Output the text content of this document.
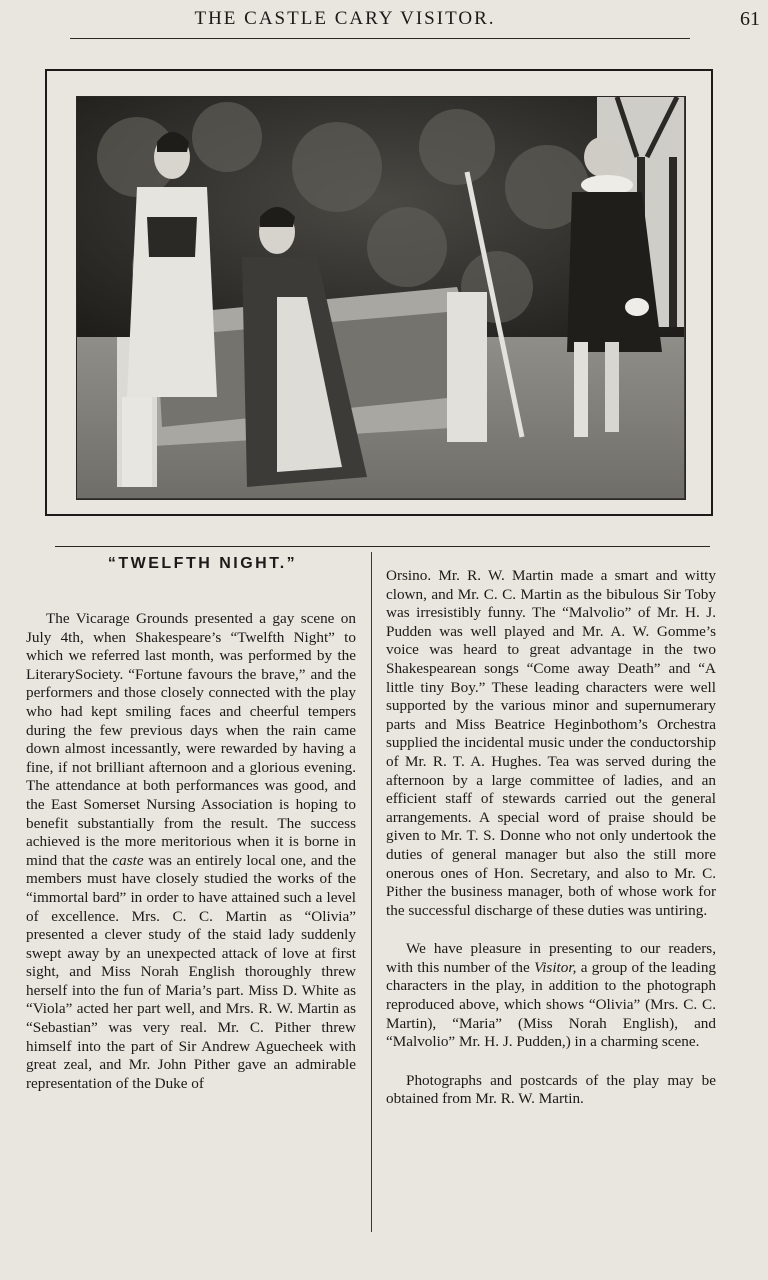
THE CASTLE CARY VISITOR.	61
“TWELFTH NIGHT.”

The Vicarage Grounds presented a gay scene on July 4th, when Shakespeare’s “Twelfth Night” to which we referred last month, was performed by the LiterarySociety. “Fortune favours the brave,” and the performers and those closely connected with the play who had kept smiling faces and cheerful tempers during the few previous days when the rain came down almost incessantly, were rewarded by having a fine, if not brilliant afternoon and a glorious evening. The attendance at both performances was good, and the East Somerset Nursing Association is hoping to benefit substantially from the result. The success achieved is the more meritorious when it is borne in mind that the caste was an entirely local one, and the members must have closely studied the works of the “immortal bard” in order to have attained such a level of excellence. Mrs. C. C. Martin as “Olivia” presented a clever study of the staid lady suddenly swept away by an unexpected attack of love at first sight, and Miss Norah English thoroughly threw herself into the fun of Maria’s part. Miss D. White as “Viola” acted her part well, and Mrs. R. W. Martin as “Sebastian” was very real. Mr. C. Pither threw himself into the part of Sir Andrew Aguecheek with great zeal, and Mr. John Pither gave an admirable representation of the Duke of

Orsino. Mr. R. W. Martin made a smart and witty clown, and Mr. C. C. Martin as the bibulous Sir Toby was irresistibly funny. The “Malvolio” of Mr. H. J. Pudden was well played and Mr. A. W. Gomme’s voice was heard to great advantage in the two Shakespearean songs “Come away Death” and “A little tiny Boy.” These leading characters were well supported by the various minor and supernumerary parts and Miss Beatrice Heginbothom’s Orchestra supplied the incidental music under the conductorship of Mr. R. T. A. Hughes. Tea was served during the afternoon by a large committee of ladies, and an efficient staff of stewards carried out the general arrangements. A special word of praise should be given to Mr. T. S. Donne who not only undertook the duties of general manager but also the still more onerous ones of Hon. Secretary, and also to Mr. C. Pither the business manager, both of whose work for the successful discharge of these duties was untiring.

We have pleasure in presenting to our readers, with this number of the Visitor, a group of the leading characters in the play, in addition to the photograph reproduced above, which shows “Olivia” (Mrs. C. C. Martin), “Maria” (Miss Norah English), and “Malvolio” Mr. H. J. Pudden,) in a charming scene.

Photographs and postcards of the play may be obtained from Mr. R. W. Martin.
